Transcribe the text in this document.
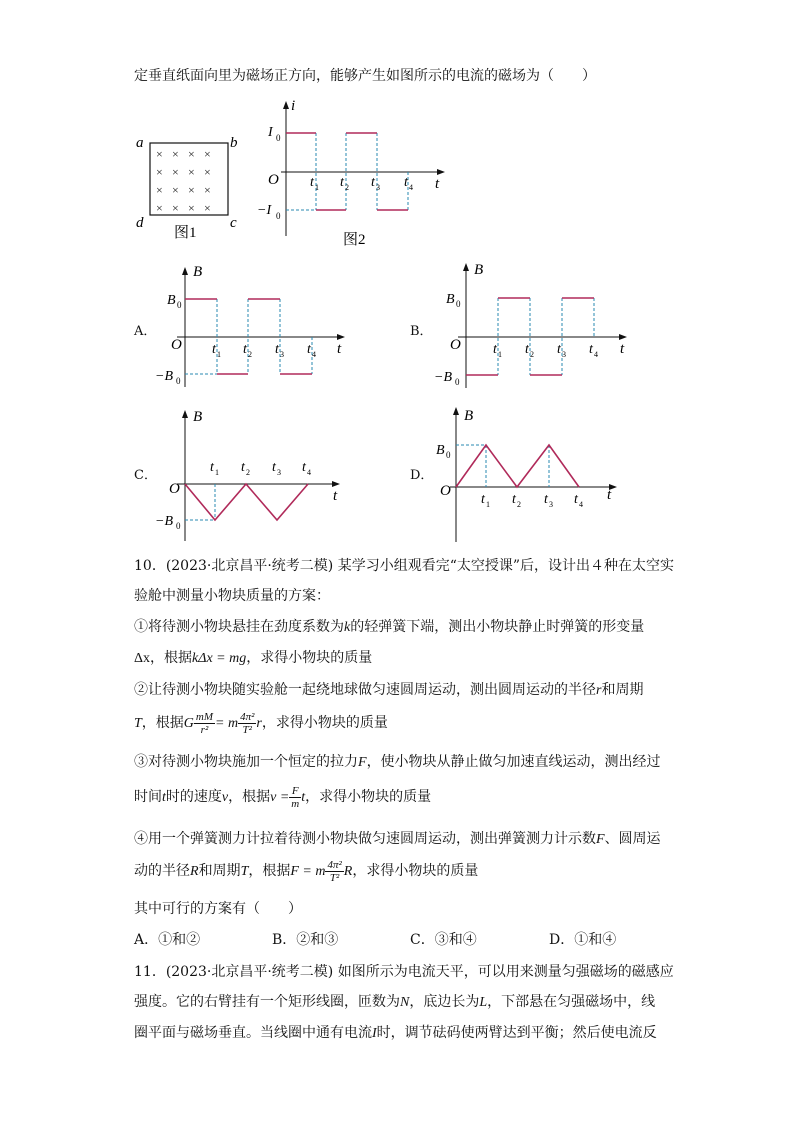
定垂直纸面向里为磁场正方向，能够产生如图所示的电流的磁场为（　　）
× × × ×
× × × ×
× × × ×
× × × ×
a	b
c
d
图1
i
t
O
I 0
−I 0
t 1 t 2 t 3 t 4
图2
A．
B
t
O
B 0
−B 0
t 1 t 2 t 3 t 4
B．
B
t
O
B 0
−B 0
t 1 t 2 t 3 t 4
C．
B
t
O
−B 0
t 1 t 2 t 3 t 4	D．
B
t
O
B 0
t 1 t 2 t 3 t 4
10．(2023·北京昌平·统考二模) 某学习小组观看完“太空授课”后，设计出４种在太空实
验舱中测量小物块质量的方案：
①将待测小物块悬挂在劲度系数为k的轻弹簧下端，测出小物块静止时弹簧的形变量
Δx，根据kΔx = mg，求得小物块的质量
②让待测小物块随实验舱一起绕地球做匀速圆周运动，测出圆周运动的半径r和周期
T，根据G $\frac{mM}{\text{r²}} = m \frac{\text{4π²}}{\text{T²}}$ r，求得小物块的质量
③对待测小物块施加一个恒定的拉力F，使小物块从静止做匀加速直线运动，测出经过
时间t时的速度v，根据$v = \frac{F}{m}$ t，求得小物块的质量
④用一个弹簧测力计拉着待测小物块做匀速圆周运动，测出弹簧测力计示数F、圆周运
动的半径R和周期T，根据F = m $\frac{\text{4π²}}{\text{T²}}$ R，求得小物块的质量
其中可行的方案有（　　）
A．①和②	B．②和③	C．③和④	D．①和④
11．(2023·北京昌平·统考二模) 如图所示为电流天平，可以用来测量匀强磁场的磁感应
强度。它的右臂挂有一个矩形线圈，匝数为N，底边长为L，下部悬在匀强磁场中，线
圈平面与磁场垂直。当线圈中通有电流I时，调节砝码使两臂达到平衡；然后使电流反
